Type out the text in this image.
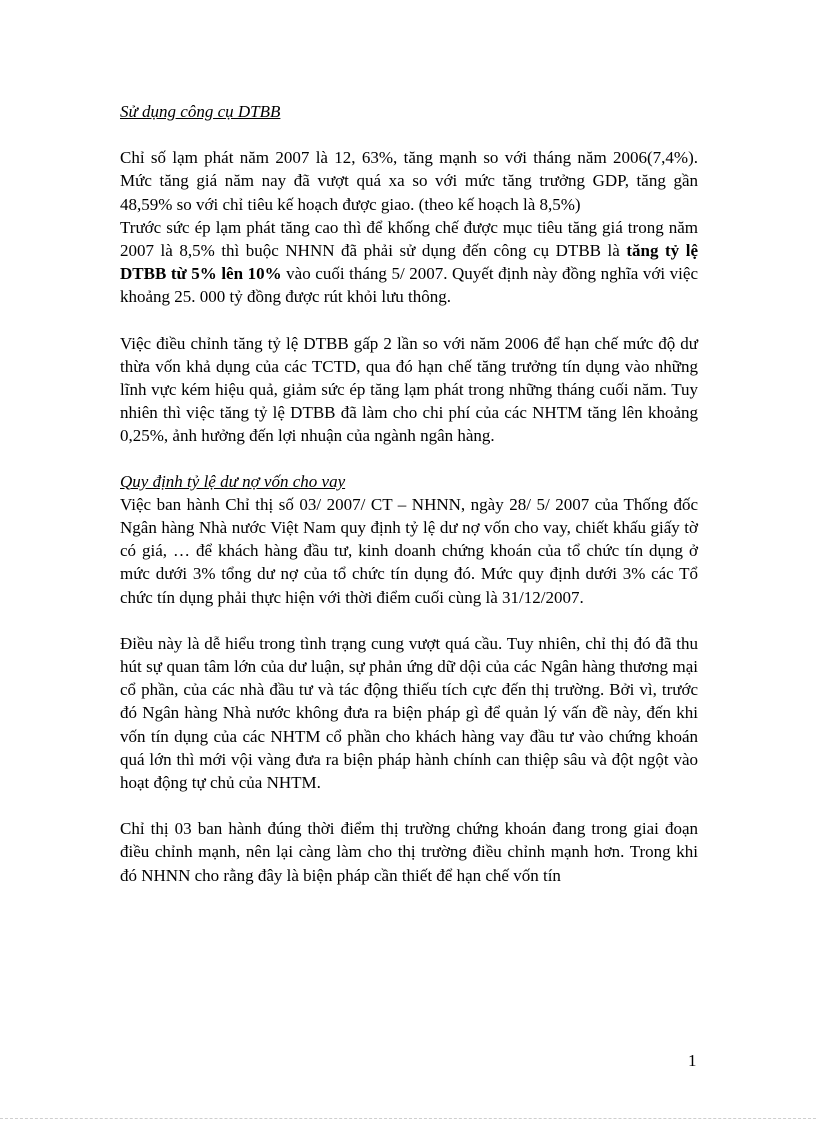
Sử dụng công cụ DTBB

Chỉ số lạm phát năm 2007 là 12, 63%, tăng mạnh so với tháng năm 2006(7,4%). Mức tăng giá năm nay đã vượt quá xa so với mức tăng trưởng GDP, tăng gần 48,59% so với chỉ tiêu kế hoạch được giao. (theo kế hoạch là 8,5%)

Trước sức ép lạm phát tăng cao thì để khống chế được mục tiêu tăng giá trong năm 2007 là 8,5% thì buộc NHNN đã phải sử dụng đến công cụ DTBB là tăng tỷ lệ DTBB từ 5% lên 10% vào cuối tháng 5/ 2007. Quyết định này đồng nghĩa với việc khoảng 25. 000 tỷ đồng được rút khỏi lưu thông.

Việc điều chỉnh tăng tỷ lệ DTBB gấp 2 lần so với năm 2006 để hạn chế mức độ dư thừa vốn khả dụng của các TCTD, qua đó hạn chế tăng trưởng tín dụng vào những lĩnh vực kém hiệu quả, giảm sức ép tăng lạm phát trong những tháng cuối năm. Tuy nhiên thì việc tăng tỷ lệ DTBB đã làm cho chi phí của các NHTM tăng lên khoảng 0,25%, ảnh hưởng đến lợi nhuận của ngành ngân hàng.

Quy định tỷ lệ dư nợ vốn cho vay

Việc ban hành Chỉ thị số 03/ 2007/ CT – NHNN, ngày 28/ 5/ 2007 của Thống đốc Ngân hàng Nhà nước Việt Nam quy định tỷ lệ dư nợ vốn cho vay, chiết khấu giấy tờ có giá, … để khách hàng đầu tư, kinh doanh chứng khoán của tổ chức tín dụng ở mức dưới 3% tổng dư nợ của tổ chức tín dụng đó. Mức quy định dưới 3% các Tổ chức tín dụng phải thực hiện với thời điểm cuối cùng là 31/12/2007.

Điều này là dễ hiểu trong tình trạng cung vượt quá cầu. Tuy nhiên, chỉ thị đó đã thu hút sự quan tâm lớn của dư luận, sự phản ứng dữ dội của các Ngân hàng thương mại cổ phần, của các nhà đầu tư và tác động thiếu tích cực đến thị trường. Bởi vì, trước đó Ngân hàng Nhà nước không đưa ra biện pháp gì để quản lý vấn đề này, đến khi vốn tín dụng của các NHTM cổ phần cho khách hàng vay đầu tư vào chứng khoán quá lớn thì mới vội vàng đưa ra biện pháp hành chính can thiệp sâu và đột ngột vào hoạt động tự chủ của NHTM.

Chỉ thị 03 ban hành đúng thời điểm thị trường chứng khoán đang trong giai đoạn điều chỉnh mạnh, nên lại càng làm cho thị trường điều chỉnh mạnh hơn. Trong khi đó NHNN cho rằng đây là biện pháp cần thiết để hạn chế vốn tín

1
